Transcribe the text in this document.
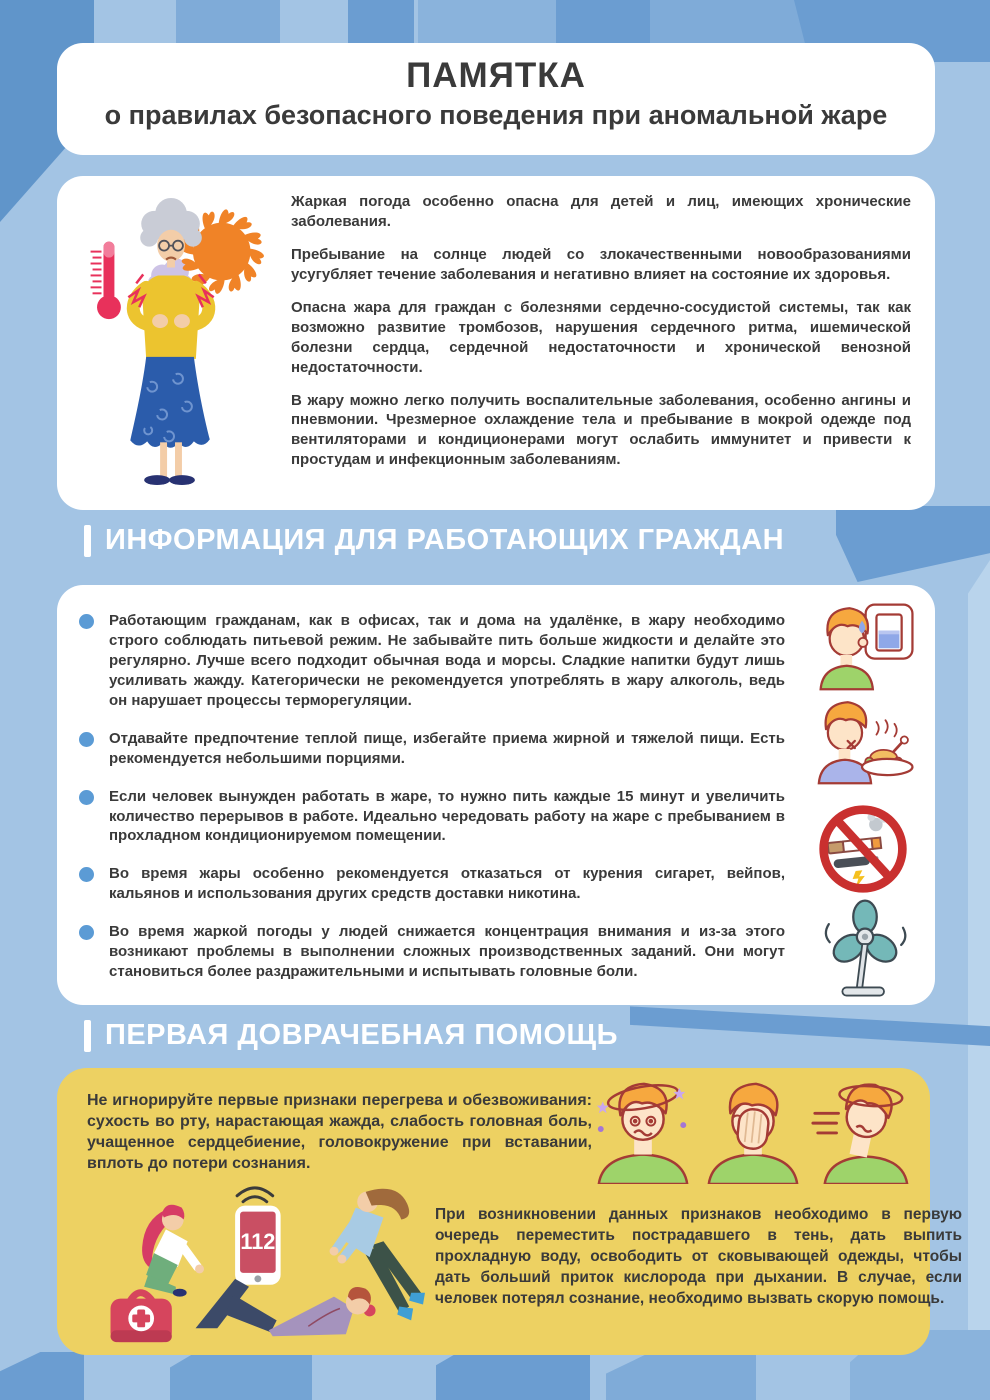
ПАМЯТКА
о правилах безопасного поведения при аномальной жаре

Жаркая погода особенно опасна для детей и лиц, имеющих хронические заболевания.

Пребывание на солнце людей со злокачественными новообразованиями усугубляет течение заболевания и негативно влияет на состояние их здоровья.

Опасна жара для граждан с болезнями сердечно-сосудистой системы, так как возможно развитие тромбозов, нарушения сердечного ритма, ишемической болезни сердца, сердечной недостаточности и хронической венозной недостаточности.

В жару можно легко получить воспалительные заболевания, особенно ангины и пневмонии. Чрезмерное охлаждение тела и пребывание в мокрой одежде под вентиляторами и кондиционерами могут ослабить иммунитет и привести к простудам и инфекционным заболеваниям.

ИНФОРМАЦИЯ ДЛЯ РАБОТАЮЩИХ ГРАЖДАН
Работающим гражданам, как в офисах, так и дома на удалёнке, в жару необходимо строго соблюдать питьевой режим. Не забывайте пить больше жидкости и делайте это регулярно. Лучше всего подходит обычная вода и морсы. Сладкие напитки будут лишь усиливать жажду. Категорически не рекомендуется употреблять в жару алкоголь, ведь он нарушает процессы терморегуляции.
Отдавайте предпочтение теплой пище, избегайте приема жирной и тяжелой пищи. Есть рекомендуется небольшими порциями.
Если человек вынужден работать в жаре, то нужно пить каждые 15 минут и увеличить количество перерывов в работе. Идеально чередовать работу на жаре с пребыванием в прохладном кондиционируемом помещении.
Во время жары особенно рекомендуется отказаться от курения сигарет, вейпов, кальянов и использования других средств доставки никотина.
Во время жаркой погоды у людей снижается концентрация внимания и из-за этого возникают проблемы в выполнении сложных производственных заданий. Они могут становиться более раздражительными и испытывать головные боли.
ПЕРВАЯ ДОВРАЧЕБНАЯ ПОМОЩЬ

Не игнорируйте первые признаки перегрева и обезвоживания: сухость во рту, нарастающая жажда, слабость головная боль, учащенное сердцебиение, головокружение при вставании, вплоть до потери сознания.

112

При возникновении данных признаков необходимо в первую очередь переместить пострадавшего в тень, дать выпить прохладную воду, освободить от сковывающей одежды, чтобы дать больший приток кислорода при дыхании. В случае, если человек потерял сознание, необходимо вызвать скорую помощь.
